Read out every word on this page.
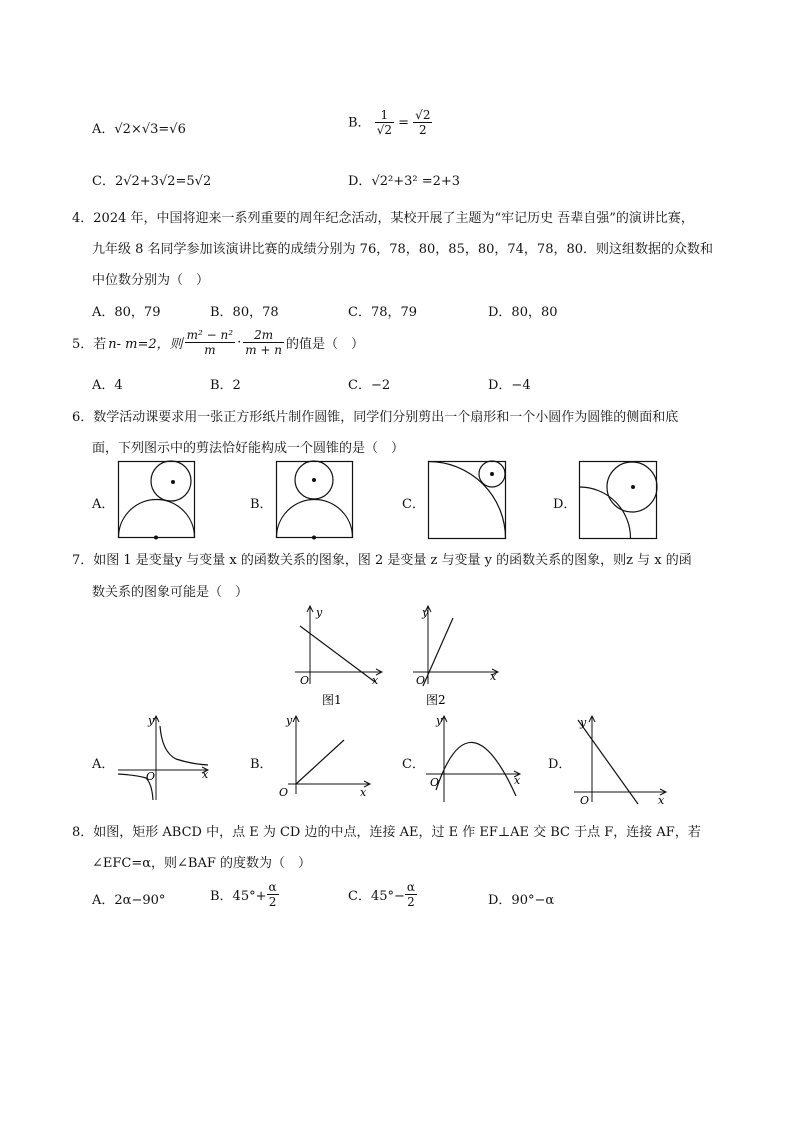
A．√2×√3=√6	B． $\frac{1}{√2} = \frac{√2}{2}$
C．2√2+3√2=5√2	D．√2²+3² =2+3
4．2024 年，中国将迎来一系列重要的周年纪念活动，某校开展了主题为“牢记历史 吾辈自强”的演讲比赛，
九年级 8 名同学参加该演讲比赛的成绩分别为 76，78，80，85，80，74，78，80．则这组数据的众数和
中位数分别为（　）
A．80，79	B．80，78	C．78，79	D．80，80
5．若 n- m=2，则 $\frac{\text{m² − n²}}{m} \cdot \frac{2m}{m + n}$ 的值是（　）
A．4	B．2	C．−2	D．−4
6．数学活动课要求用一张正方形纸片制作圆锥，同学们分别剪出一个扇形和一个小圆作为圆锥的侧面和底
面，下列图示中的剪法恰好能构成一个圆锥的是（　）
A．	B．	C．	D．
7．如图 1 是变量y 与变量 x 的函数关系的图象，图 2 是变量 z 与变量 y 的函数关系的图象，则z 与 x 的函
数关系的图象可能是（　）
y
x
O
图1
y
x
O
图2
A．
y
x
O
B．
y
x
O
C．
y
x
O
D．
y
x
O
8．如图，矩形 ABCD 中，点 E 为 CD 边的中点，连接 AE，过 E 作 EF⊥AE 交 BC 于点 F，连接 AF，若
∠EFC=α，则∠BAF 的度数为（　）
A．2α−90°	B．$45^\circ+ \frac{\alpha}{2}$	C．$45^\circ- \frac{\alpha}{2}$	D．90°−α
